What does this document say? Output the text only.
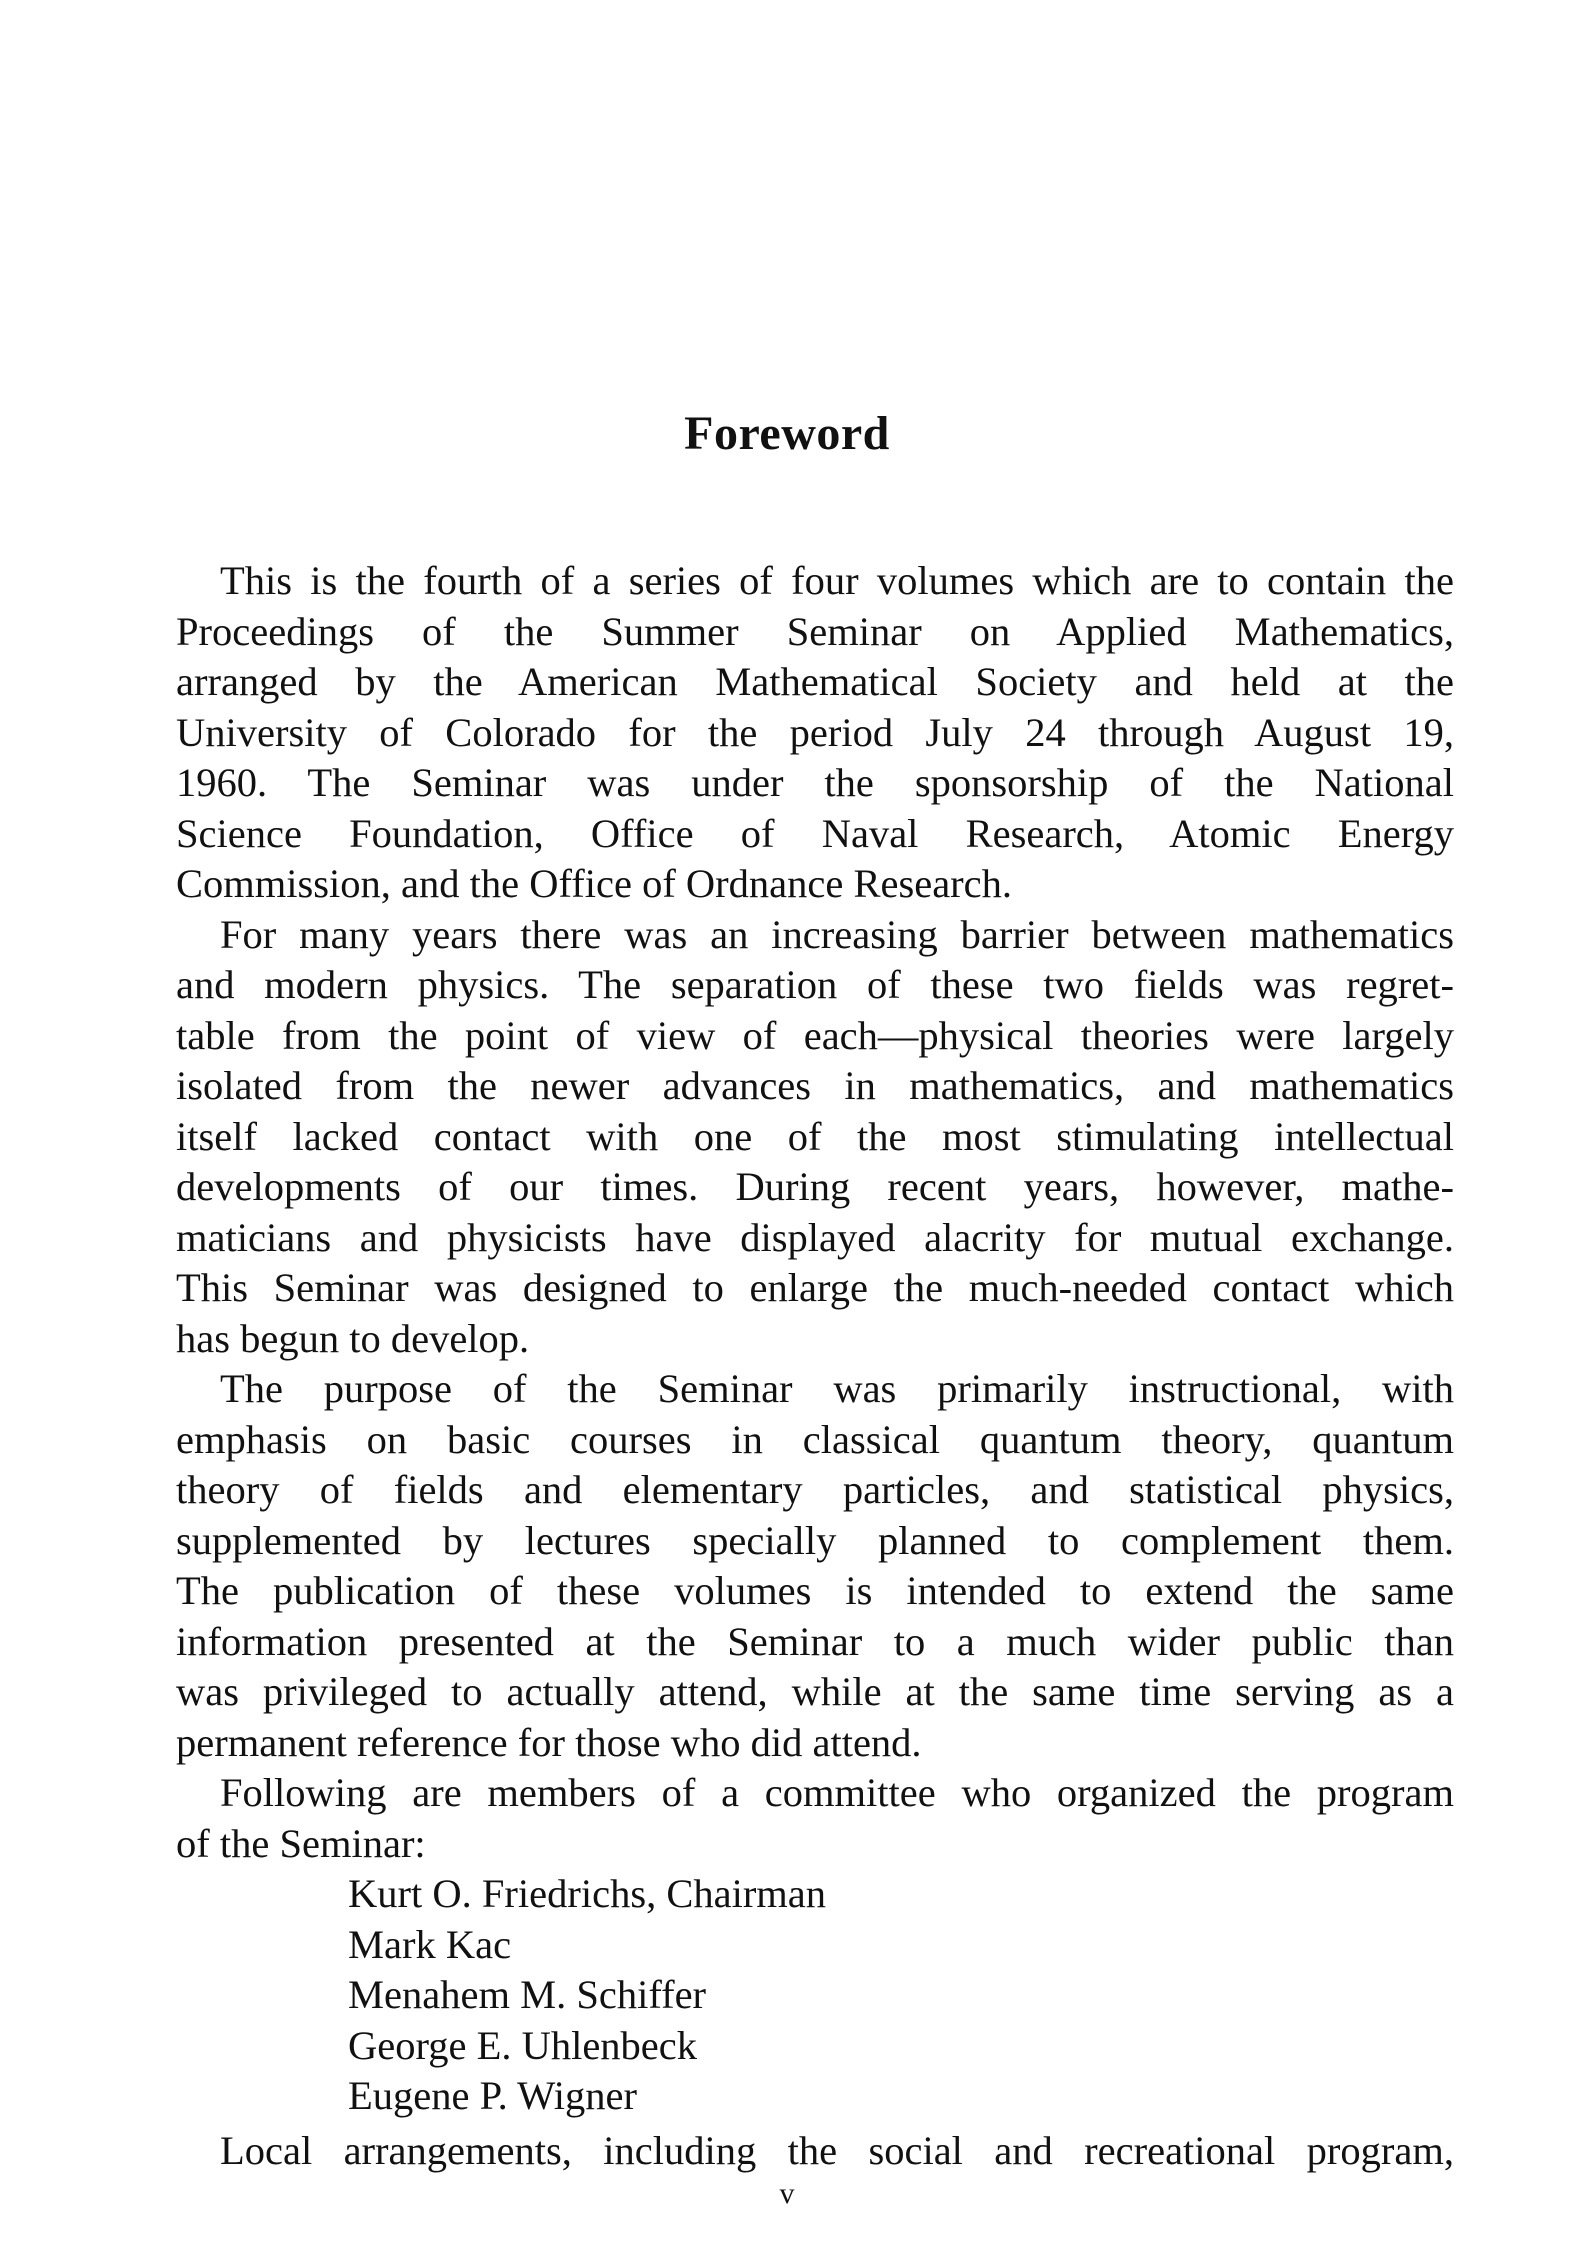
Foreword

This is the fourth of a series of four volumes which are to contain the
Proceedings of the Summer Seminar on Applied Mathematics,
arranged by the American Mathematical Society and held at the
University of Colorado for the period July 24 through August 19,
1960. The Seminar was under the sponsorship of the National
Science Foundation, Office of Naval Research, Atomic Energy
Commission, and the Office of Ordnance Research.

For many years there was an increasing barrier between mathematics
and modern physics. The separation of these two fields was regret-
table from the point of view of each—physical theories were largely
isolated from the newer advances in mathematics, and mathematics
itself lacked contact with one of the most stimulating intellectual
developments of our times. During recent years, however, mathe-
maticians and physicists have displayed alacrity for mutual exchange.
This Seminar was designed to enlarge the much-needed contact which
has begun to develop.

The purpose of the Seminar was primarily instructional, with
emphasis on basic courses in classical quantum theory, quantum
theory of fields and elementary particles, and statistical physics,
supplemented by lectures specially planned to complement them.
The publication of these volumes is intended to extend the same
information presented at the Seminar to a much wider public than
was privileged to actually attend, while at the same time serving as a
permanent reference for those who did attend.

Following are members of a committee who organized the program
of the Seminar:

Kurt O. Friedrichs, Chairman
Mark Kac
Menahem M. Schiffer
George E. Uhlenbeck
Eugene P. Wigner

Local arrangements, including the social and recreational program,

v
